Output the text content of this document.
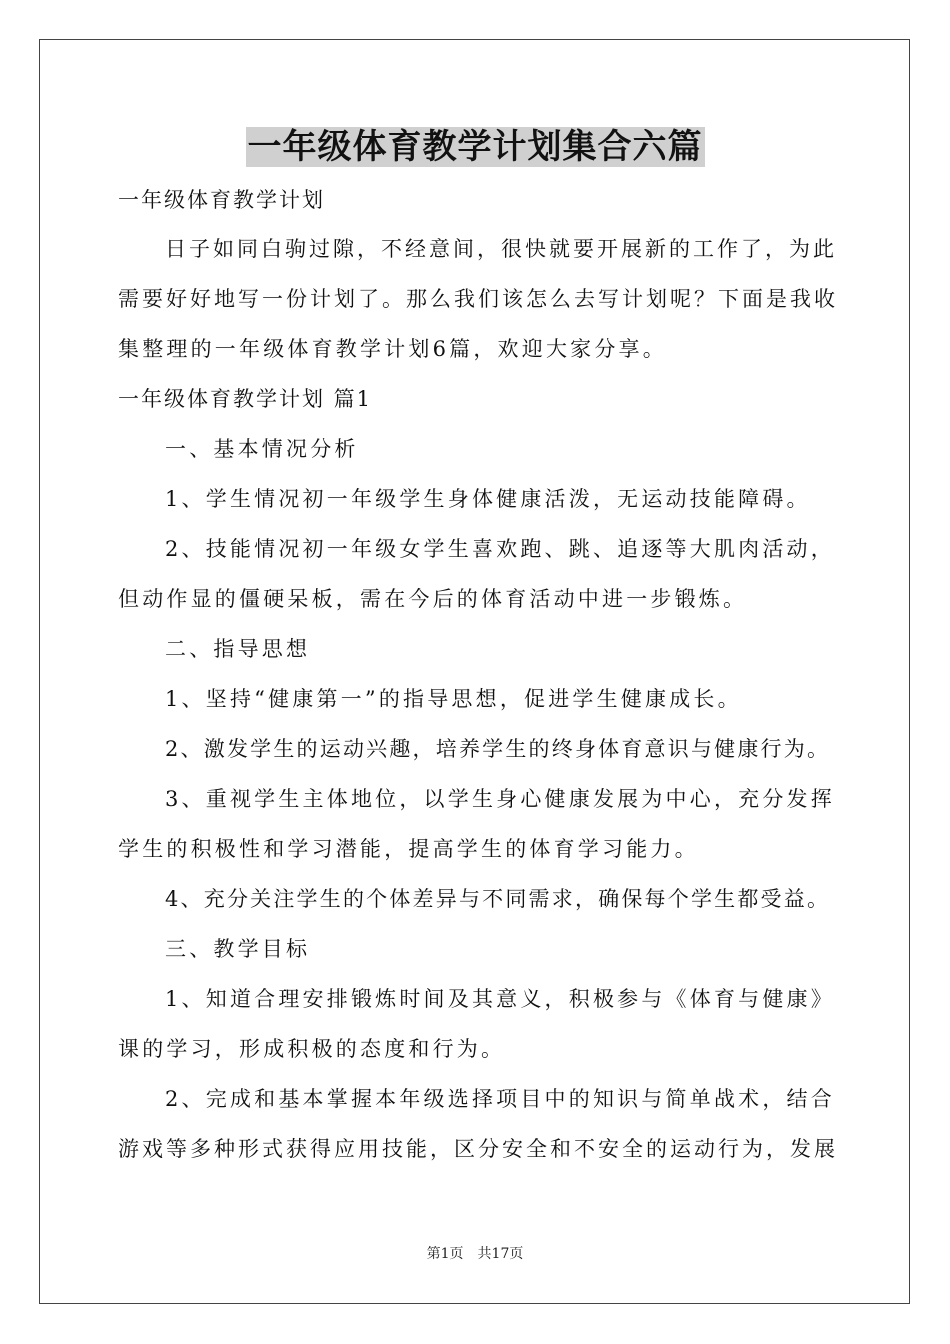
一年级体育教学计划集合六篇
一年级体育教学计划
日子如同白驹过隙，不经意间，很快就要开展新的工作了，为此
需要好好地写一份计划了。那么我们该怎么去写计划呢？下面是我收
集整理的一年级体育教学计划6篇，欢迎大家分享。
一年级体育教学计划 篇1
一、基本情况分析
1、学生情况初一年级学生身体健康活泼，无运动技能障碍。
2、技能情况初一年级女学生喜欢跑、跳、追逐等大肌肉活动，
但动作显的僵硬呆板，需在今后的体育活动中进一步锻炼。
二、指导思想
1、坚持“健康第一”的指导思想，促进学生健康成长。
2、激发学生的运动兴趣，培养学生的终身体育意识与健康行为。
3、重视学生主体地位，以学生身心健康发展为中心，充分发挥
学生的积极性和学习潜能，提高学生的体育学习能力。
4、充分关注学生的个体差异与不同需求，确保每个学生都受益。
三、教学目标
1、知道合理安排锻炼时间及其意义，积极参与《体育与健康》
课的学习，形成积极的态度和行为。
2、完成和基本掌握本年级选择项目中的知识与简单战术，结合
游戏等多种形式获得应用技能，区分安全和不安全的运动行为，发展
第1页 共17页
